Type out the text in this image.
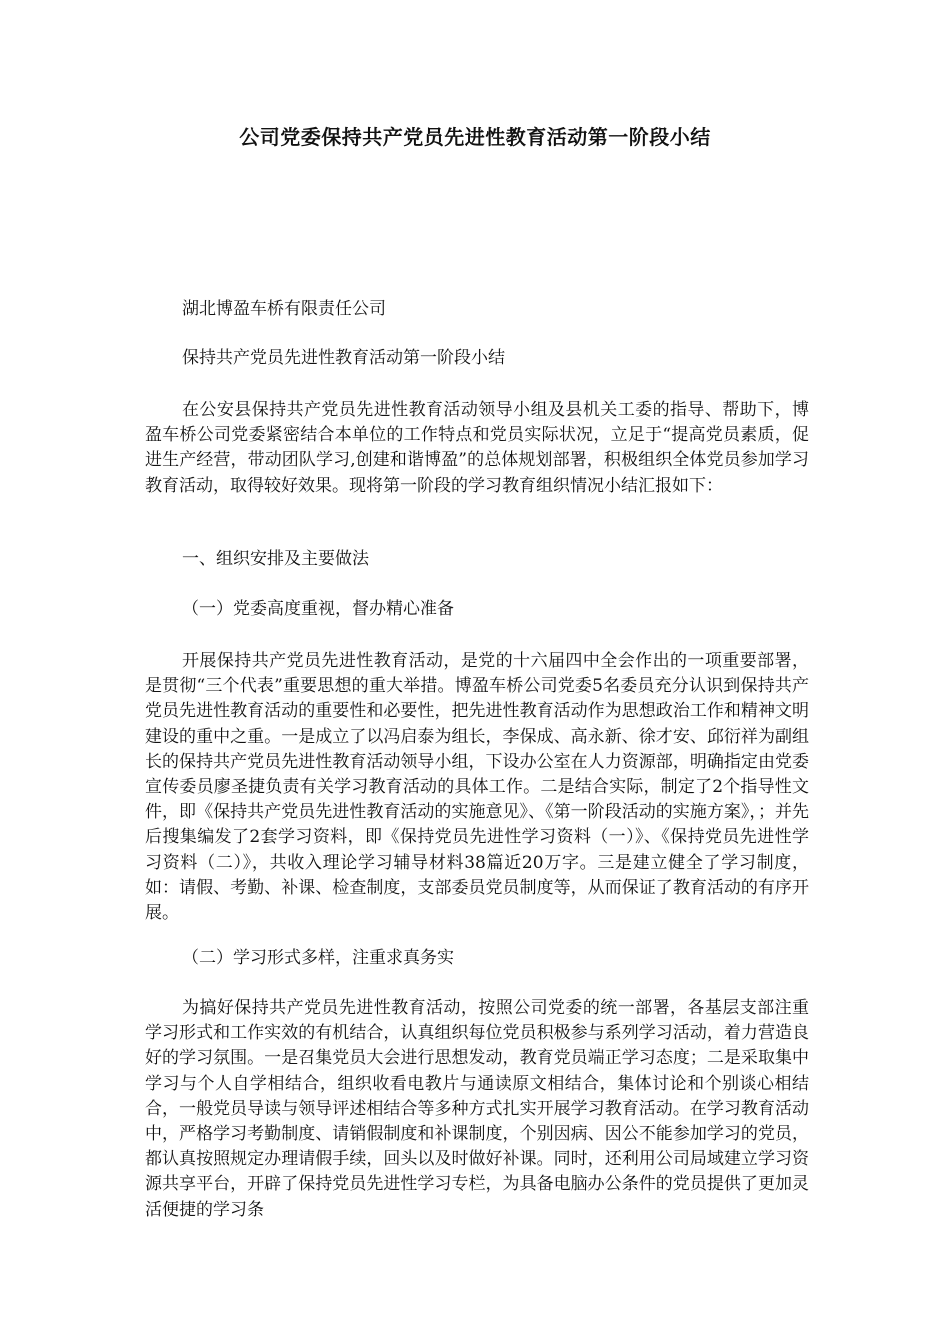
公司党委保持共产党员先进性教育活动第一阶段小结

湖北博盈车桥有限责任公司

保持共产党员先进性教育活动第一阶段小结

在公安县保持共产党员先进性教育活动领导小组及县机关工委的指导、帮助下，博盈车桥公司党委紧密结合本单位的工作特点和党员实际状况，立足于“提高党员素质，促进生产经营，带动团队学习,创建和谐博盈”的总体规划部署，积极组织全体党员参加学习教育活动，取得较好效果。现将第一阶段的学习教育组织情况小结汇报如下：

一、组织安排及主要做法

（一）党委高度重视，督办精心准备

开展保持共产党员先进性教育活动，是党的十六届四中全会作出的一项重要部署，是贯彻“三个代表”重要思想的重大举措。博盈车桥公司党委5名委员充分认识到保持共产党员先进性教育活动的重要性和必要性，把先进性教育活动作为思想政治工作和精神文明建设的重中之重。一是成立了以冯启泰为组长，李保成、高永新、徐才安、邱衍祥为副组长的保持共产党员先进性教育活动领导小组，下设办公室在人力资源部，明确指定由党委宣传委员廖圣捷负责有关学习教育活动的具体工作。二是结合实际，制定了2个指导性文件，即《保持共产党员先进性教育活动的实施意见》、《第一阶段活动的实施方案》，；并先后搜集编发了2套学习资料，即《保持党员先进性学习资料（一）》、《保持党员先进性学习资料（二）》，共收入理论学习辅导材料38篇近20万字。三是建立健全了学习制度，如：请假、考勤、补课、检查制度，支部委员党员制度等，从而保证了教育活动的有序开展。

（二）学习形式多样，注重求真务实

为搞好保持共产党员先进性教育活动，按照公司党委的统一部署，各基层支部注重学习形式和工作实效的有机结合，认真组织每位党员积极参与系列学习活动，着力营造良好的学习氛围。一是召集党员大会进行思想发动，教育党员端正学习态度；二是采取集中学习与个人自学相结合，组织收看电教片与通读原文相结合，集体讨论和个别谈心相结合，一般党员导读与领导评述相结合等多种方式扎实开展学习教育活动。在学习教育活动中，严格学习考勤制度、请销假制度和补课制度，个别因病、因公不能参加学习的党员，都认真按照规定办理请假手续，回头以及时做好补课。同时，还利用公司局域建立学习资源共享平台，开辟了保持党员先进性学习专栏，为具备电脑办公条件的党员提供了更加灵活便捷的学习条
